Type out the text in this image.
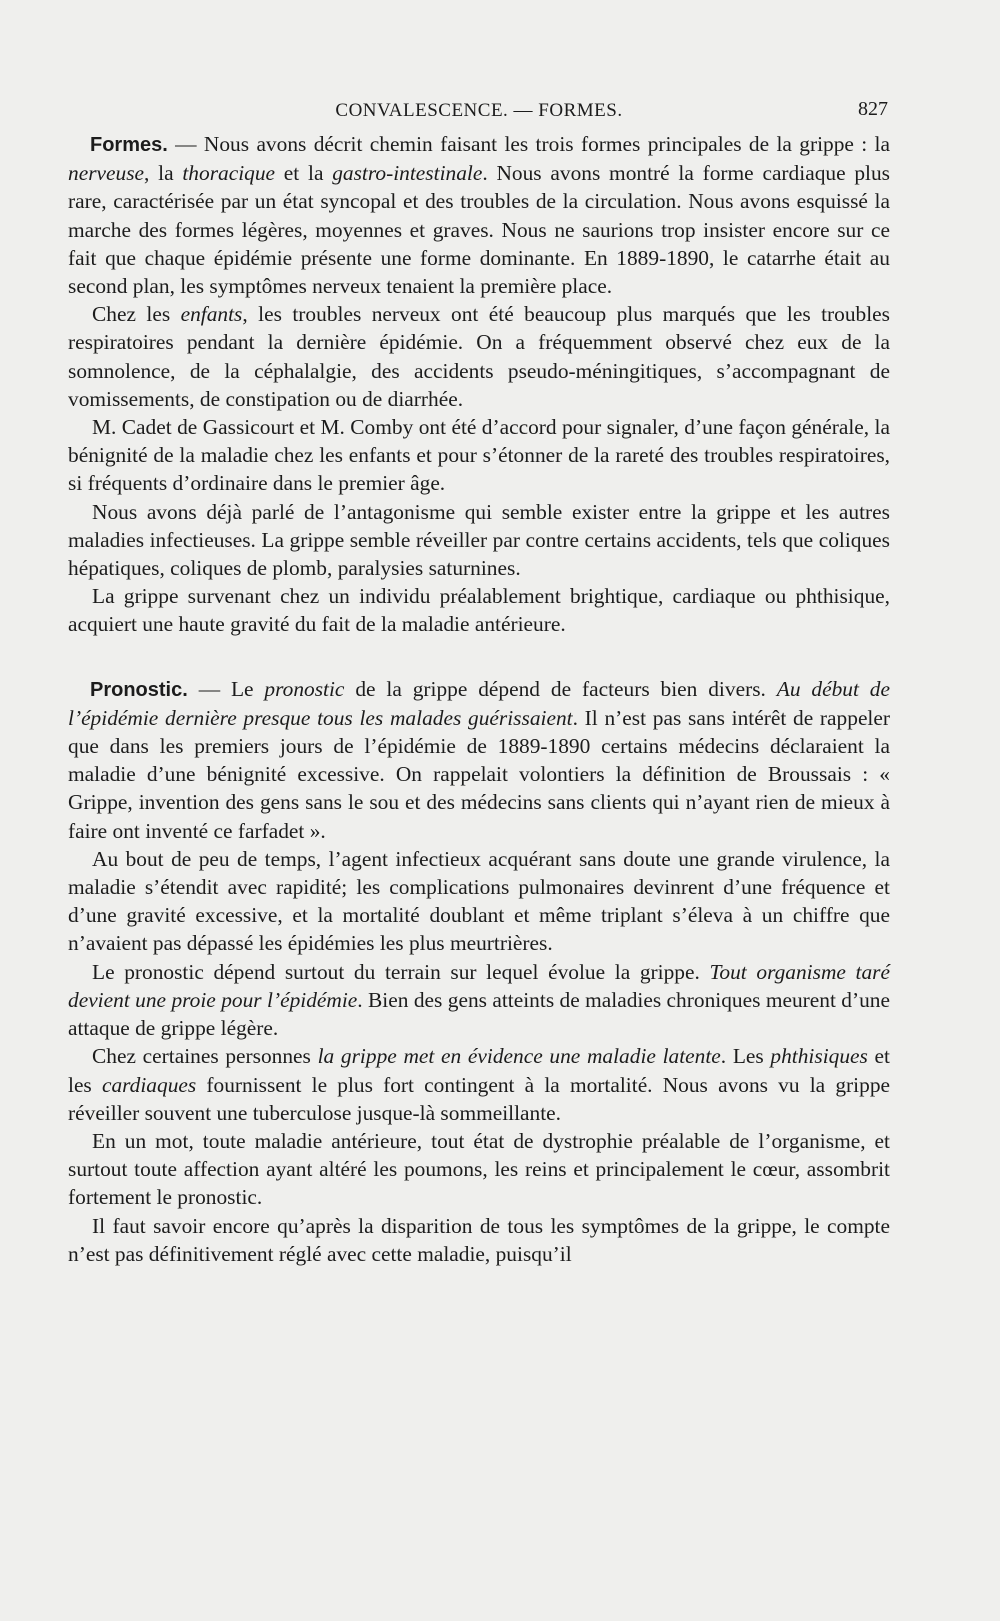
CONVALESCENCE. — FORMES.	827

Formes. — Nous avons décrit chemin faisant les trois formes principales de la grippe : la nerveuse, la thoracique et la gastro-intestinale. Nous avons montré la forme cardiaque plus rare, caractérisée par un état syncopal et des troubles de la circulation. Nous avons esquissé la marche des formes légères, moyennes et graves. Nous ne saurions trop insister encore sur ce fait que chaque épidémie présente une forme dominante. En 1889-1890, le catarrhe était au second plan, les symptômes nerveux tenaient la première place.

Chez les enfants, les troubles nerveux ont été beaucoup plus marqués que les troubles respiratoires pendant la dernière épidémie. On a fréquemment observé chez eux de la somnolence, de la céphalalgie, des accidents pseudo-méningitiques, s’accompagnant de vomissements, de constipation ou de diarrhée.

M. Cadet de Gassicourt et M. Comby ont été d’accord pour signaler, d’une façon générale, la bénignité de la maladie chez les enfants et pour s’étonner de la rareté des troubles respiratoires, si fréquents d’ordinaire dans le premier âge.

Nous avons déjà parlé de l’antagonisme qui semble exister entre la grippe et les autres maladies infectieuses. La grippe semble réveiller par contre certains accidents, tels que coliques hépatiques, coliques de plomb, paralysies saturnines.

La grippe survenant chez un individu préalablement brightique, cardiaque ou phthisique, acquiert une haute gravité du fait de la maladie antérieure.

Pronostic. — Le pronostic de la grippe dépend de facteurs bien divers. Au début de l’épidémie dernière presque tous les malades guérissaient. Il n’est pas sans intérêt de rappeler que dans les premiers jours de l’épidémie de 1889-1890 certains médecins déclaraient la maladie d’une bénignité excessive. On rappelait volontiers la définition de Broussais : « Grippe, invention des gens sans le sou et des médecins sans clients qui n’ayant rien de mieux à faire ont inventé ce farfadet ».

Au bout de peu de temps, l’agent infectieux acquérant sans doute une grande virulence, la maladie s’étendit avec rapidité; les complications pulmonaires devinrent d’une fréquence et d’une gravité excessive, et la mortalité doublant et même triplant s’éleva à un chiffre que n’avaient pas dépassé les épidémies les plus meurtrières.

Le pronostic dépend surtout du terrain sur lequel évolue la grippe. Tout organisme taré devient une proie pour l’épidémie. Bien des gens atteints de maladies chroniques meurent d’une attaque de grippe légère.

Chez certaines personnes la grippe met en évidence une maladie latente. Les phthisiques et les cardiaques fournissent le plus fort contingent à la mortalité. Nous avons vu la grippe réveiller souvent une tuberculose jusque-là sommeillante.

En un mot, toute maladie antérieure, tout état de dystrophie préalable de l’organisme, et surtout toute affection ayant altéré les poumons, les reins et principalement le cœur, assombrit fortement le pronostic.

Il faut savoir encore qu’après la disparition de tous les symptômes de la grippe, le compte n’est pas définitivement réglé avec cette maladie, puisqu’il
